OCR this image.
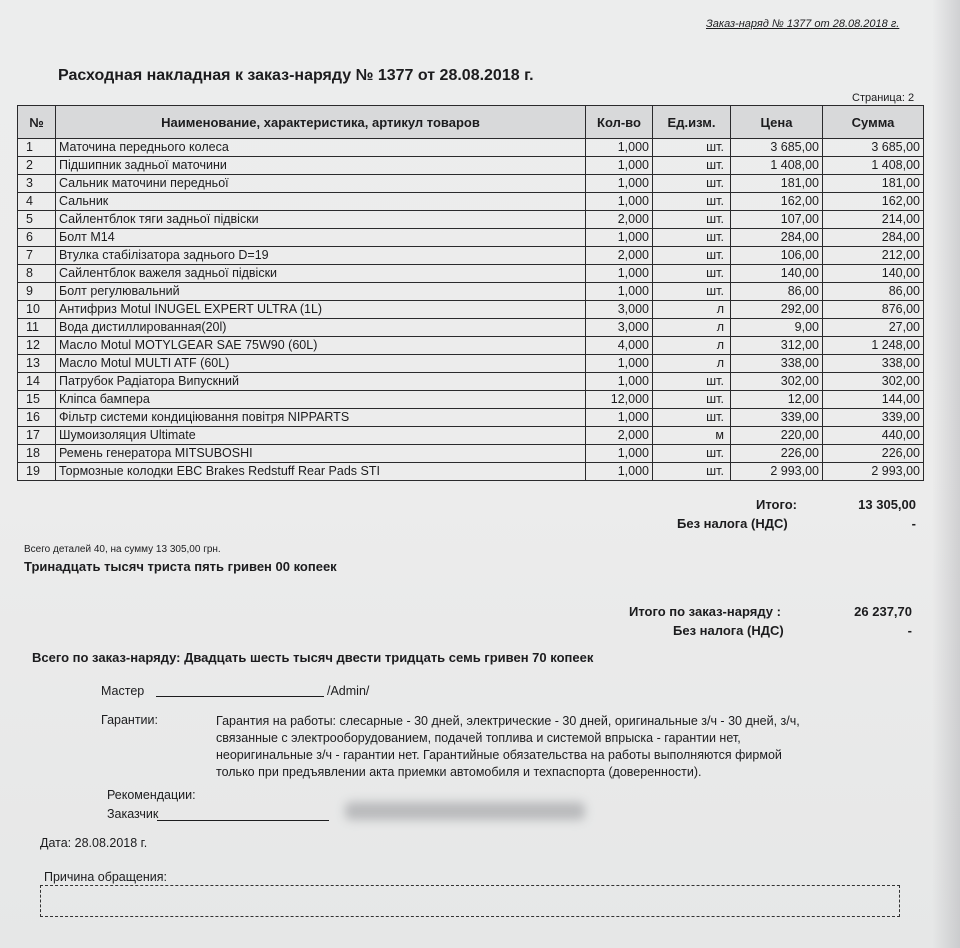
Заказ-наряд № 1377 от 28.08.2018 г.
Расходная накладная к заказ-наряду № 1377 от 28.08.2018 г.
Страница: 2
№	Наименование, характеристика, артикул товаров	Кол-во	Ед.изм.	Цена	Сумма
1	Маточина переднього колеса	1,000	шт.	3 685,00	3 685,00
2	Підшипник задньої маточини	1,000	шт.	1 408,00	1 408,00
3	Сальник маточини передньої	1,000	шт.	181,00	181,00
4	Сальник	1,000	шт.	162,00	162,00
5	Сайлентблок тяги задньої підвіски	2,000	шт.	107,00	214,00
6	Болт М14	1,000	шт.	284,00	284,00
7	Втулка стабілізатора заднього D=19	2,000	шт.	106,00	212,00
8	Сайлентблок важеля задньої підвіски	1,000	шт.	140,00	140,00
9	Болт регулювальний	1,000	шт.	86,00	86,00
10	Антифриз Motul INUGEL EXPERT ULTRA (1L)	3,000	л	292,00	876,00
11	Вода дистиллированная(20l)	3,000	л	9,00	27,00
12	Масло Motul MOTYLGEAR SAE 75W90 (60L)	4,000	л	312,00	1 248,00
13	Масло Motul MULTI ATF (60L)	1,000	л	338,00	338,00
14	Патрубок Радіатора Випускний	1,000	шт.	302,00	302,00
15	Кліпса бампера	12,000	шт.	12,00	144,00
16	Фільтр системи кондиціювання повітря NIPPARTS	1,000	шт.	339,00	339,00
17	Шумоизоляция Ultimate	2,000	м	220,00	440,00
18	Ремень генератора MITSUBOSHI	1,000	шт.	226,00	226,00
19	Тормозные колодки EBC Brakes Redstuff Rear Pads STI	1,000	шт.	2 993,00	2 993,00
Итого:	13 305,00
Без налога (НДС)	-
Всего деталей 40, на сумму 13 305,00 грн.
Тринадцать тысяч триста пять гривен 00 копеек
Итого по заказ-наряду :	26 237,70
Без налога (НДС)	-
Всего по заказ-наряду: Двадцать шесть тысяч двести тридцать семь гривен 70 копеек
Мастер	/Admin/
Гарантии:	Гарантия на работы: слесарные - 30 дней, электрические - 30 дней, оригинальные з/ч - 30 дней, з/ч,
связанные с электрооборудованием, подачей топлива и системой впрыска - гарантии нет,
неоригинальные з/ч - гарантии нет. Гарантийные обязательства на работы выполняются фирмой
только при предъявлении акта приемки автомобиля и техпаспорта (доверенности).
Рекомендации:
Заказчик
Дата: 28.08.2018 г.
Причина обращения:
